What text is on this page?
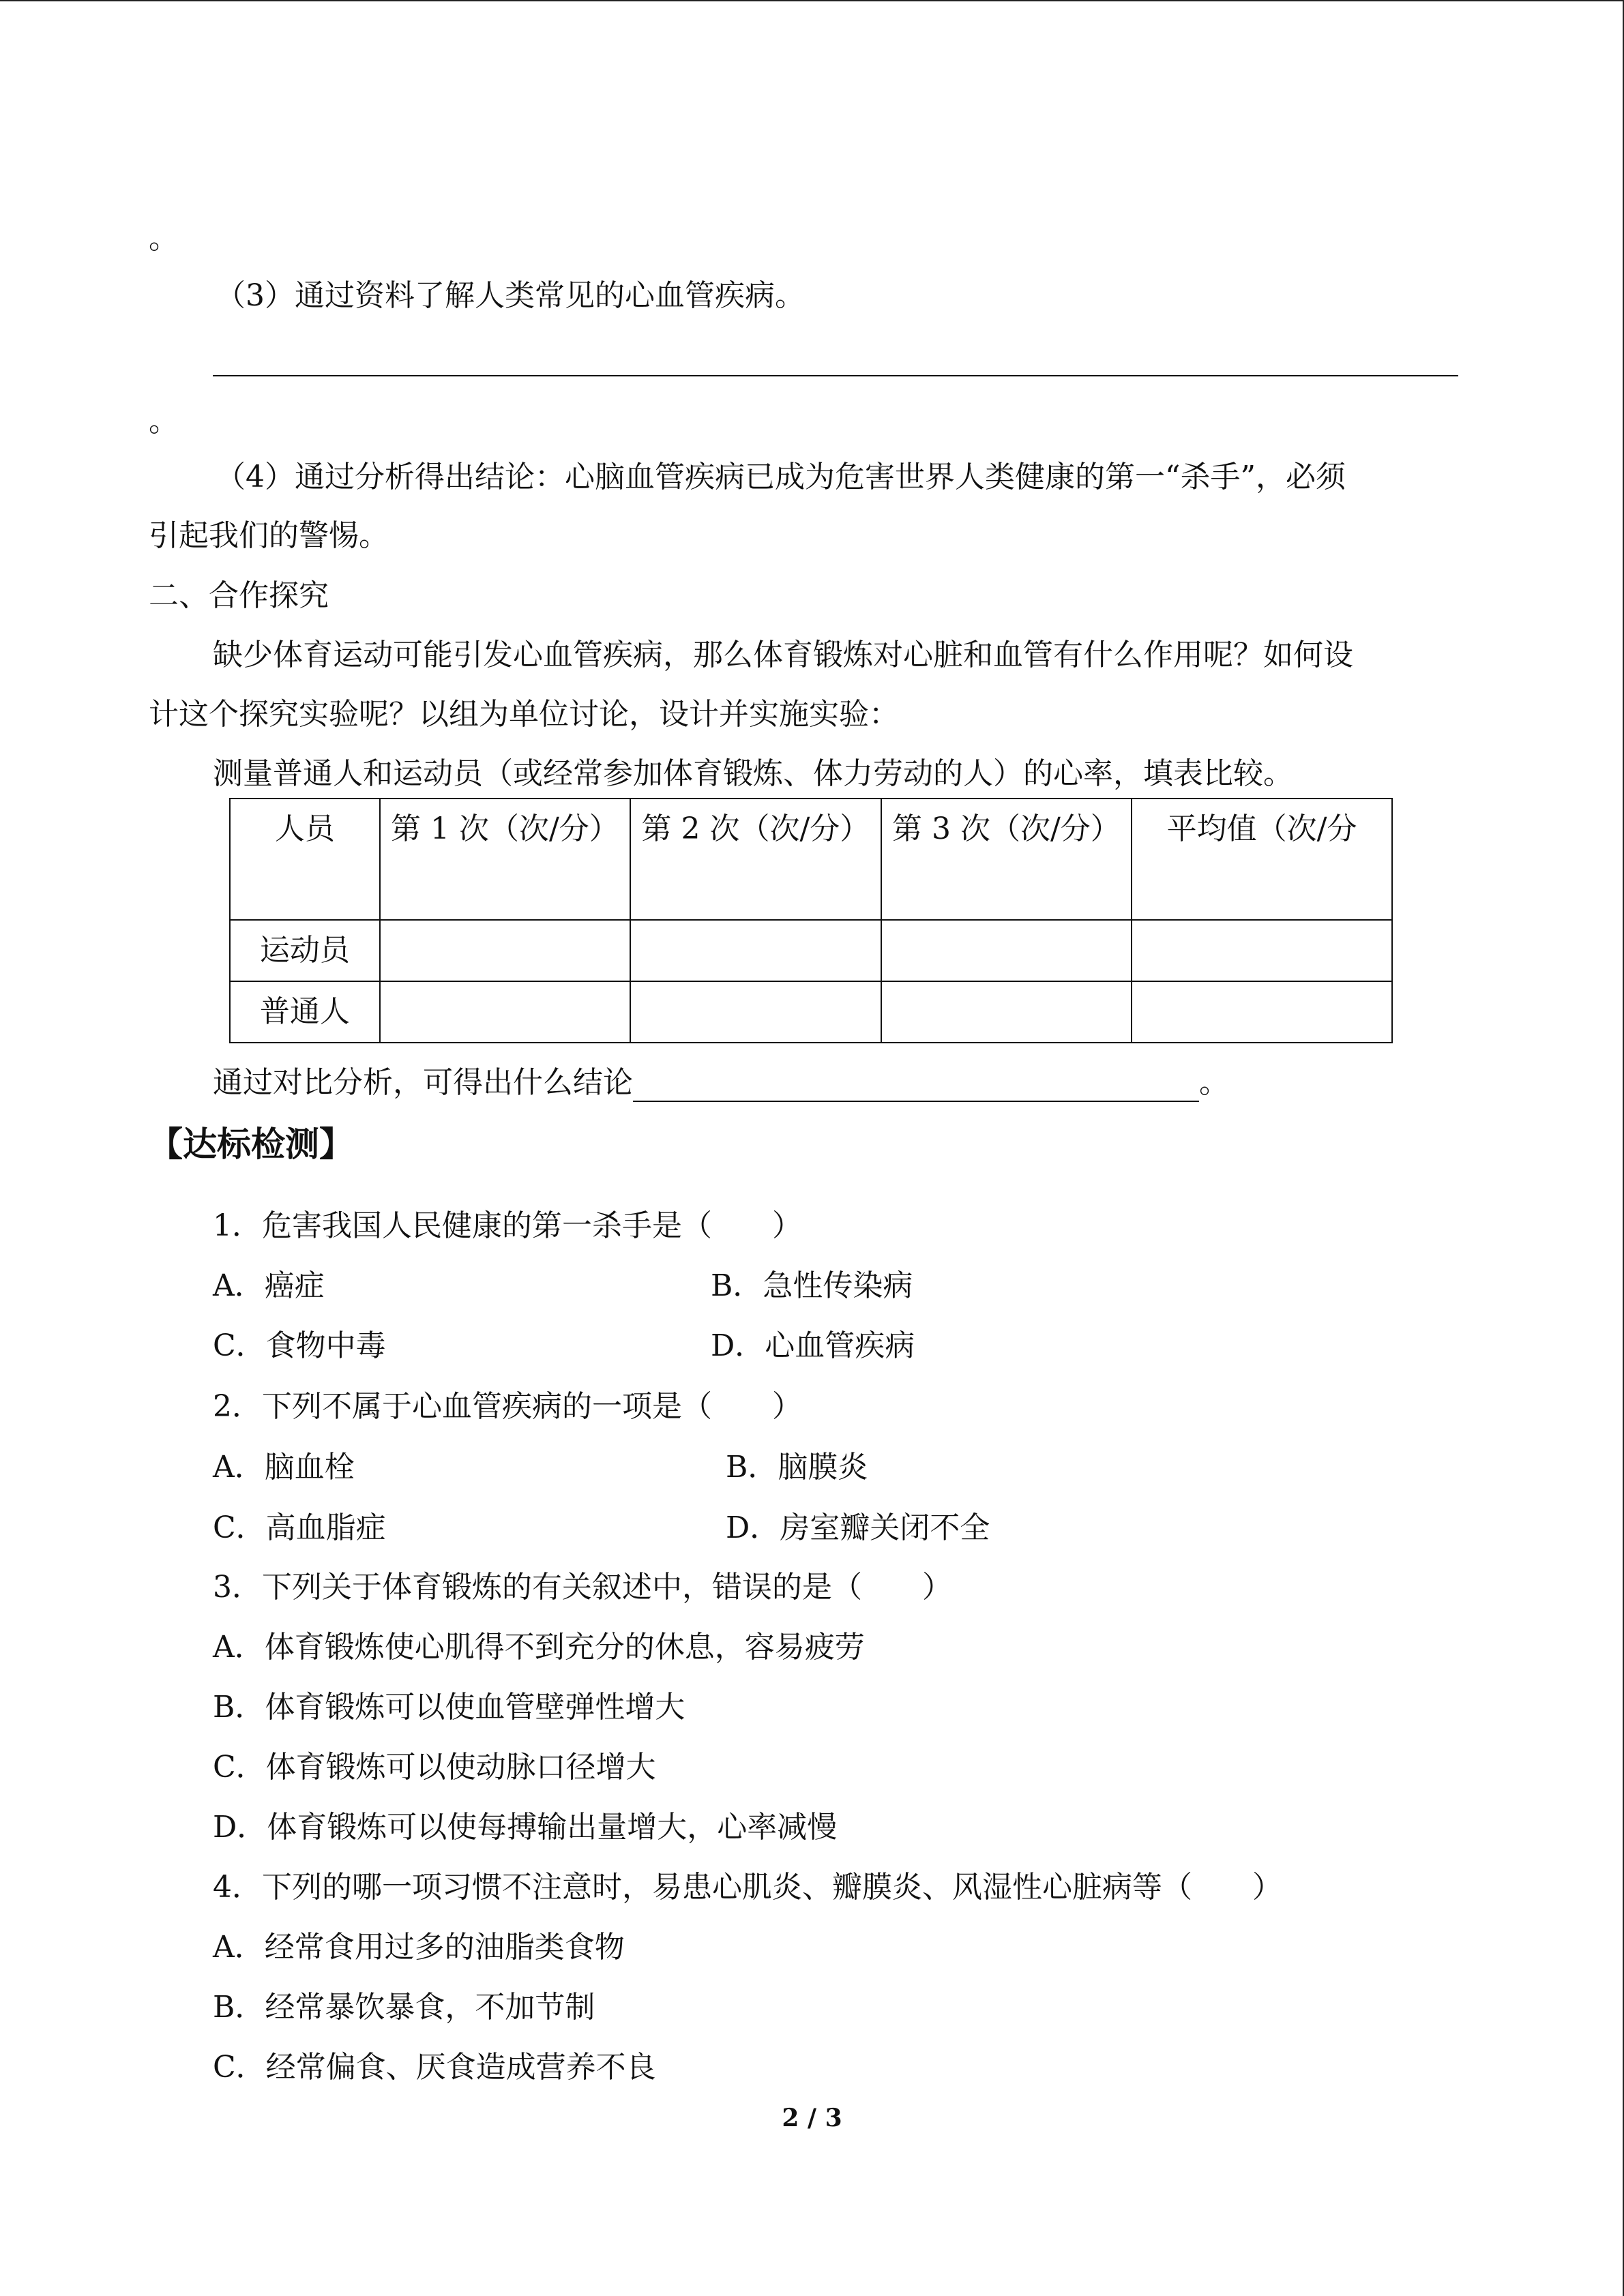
。
（3）通过资料了解人类常见的心血管疾病。
。
（4）通过分析得出结论：心脑血管疾病已成为危害世界人类健康的第一“杀手”，必须
引起我们的警惕。
二、合作探究
缺少体育运动可能引发心血管疾病，那么体育锻炼对心脏和血管有什么作用呢？如何设
计这个探究实验呢？以组为单位讨论，设计并实施实验：
测量普通人和运动员（或经常参加体育锻炼、体力劳动的人）的心率，填表比较。
人员	第 1 次（次/分）	第 2 次（次/分）	第 3 次（次/分）	平均值（次/分
运动员				
普通人				
通过对比分析，可得出什么结论	。
【达标检测】
1．危害我国人民健康的第一杀手是（　　）
A．癌症	B．急性传染病
C．食物中毒	D．心血管疾病
2．下列不属于心血管疾病的一项是（　　）
A．脑血栓	B．脑膜炎
C．高血脂症	D．房室瓣关闭不全
3．下列关于体育锻炼的有关叙述中，错误的是（　　）
A．体育锻炼使心肌得不到充分的休息，容易疲劳
B．体育锻炼可以使血管壁弹性增大
C．体育锻炼可以使动脉口径增大
D．体育锻炼可以使每搏输出量增大，心率减慢
4．下列的哪一项习惯不注意时，易患心肌炎、瓣膜炎、风湿性心脏病等（　　）
A．经常食用过多的油脂类食物
B．经常暴饮暴食，不加节制
C．经常偏食、厌食造成营养不良
2 / 3
